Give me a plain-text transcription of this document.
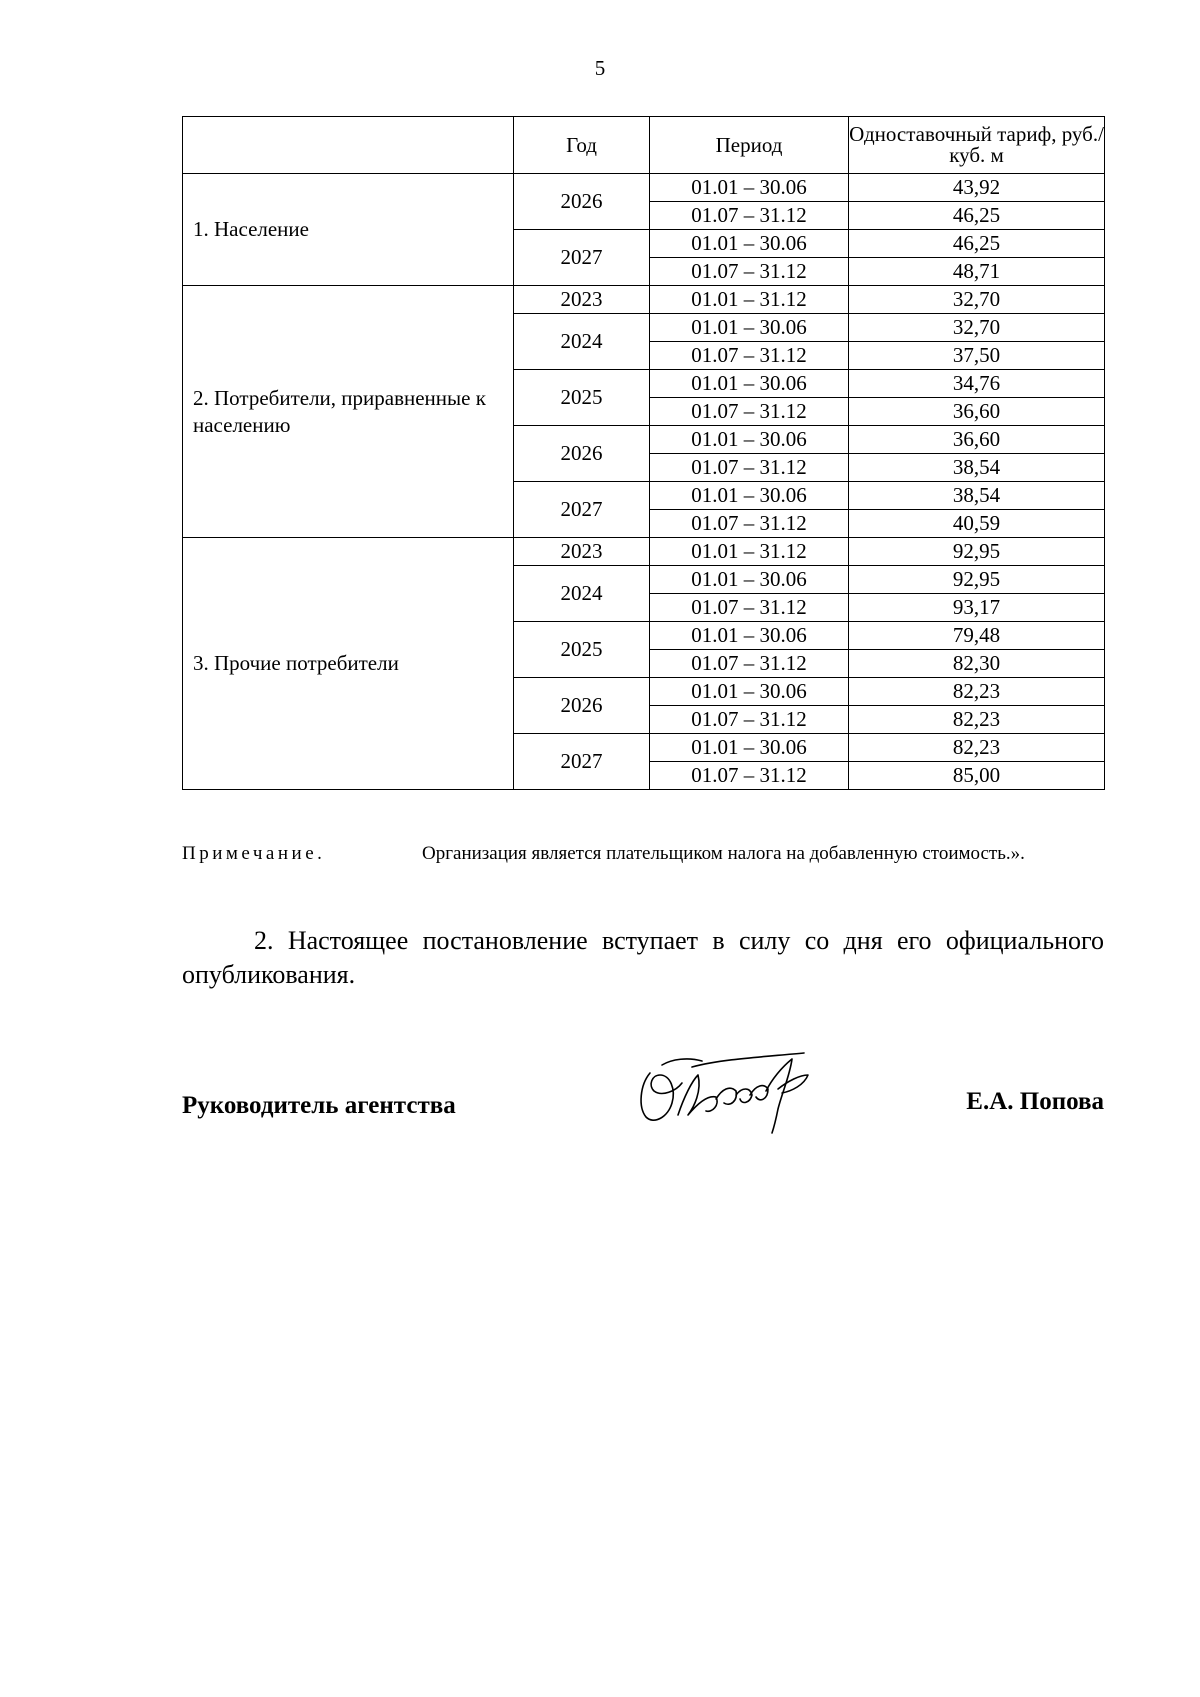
5
	Год	Период	Одноставочный тариф, руб./куб. м
1. Население	2026	01.01 – 30.06	43,92
		01.07 – 31.12	46,25
	2027	01.01 – 30.06	46,25
		01.07 – 31.12	48,71
2. Потребители, приравненные к населению	2023	01.01 – 31.12	32,70
	2024	01.01 – 30.06	32,70
		01.07 – 31.12	37,50
	2025	01.01 – 30.06	34,76
		01.07 – 31.12	36,60
	2026	01.01 – 30.06	36,60
		01.07 – 31.12	38,54
	2027	01.01 – 30.06	38,54
		01.07 – 31.12	40,59
3. Прочие потребители	2023	01.01 – 31.12	92,95
	2024	01.01 – 30.06	92,95
		01.07 – 31.12	93,17
	2025	01.01 – 30.06	79,48
		01.07 – 31.12	82,30
	2026	01.01 – 30.06	82,23
		01.07 – 31.12	82,23
	2027	01.01 – 30.06	82,23
		01.07 – 31.12	85,00
Примечание.	Организация является плательщиком налога на добавленную стоимость.».
2. Настоящее постановление вступает в силу со дня его официального опубликования.
Руководитель агентства	Е.А. Попова
